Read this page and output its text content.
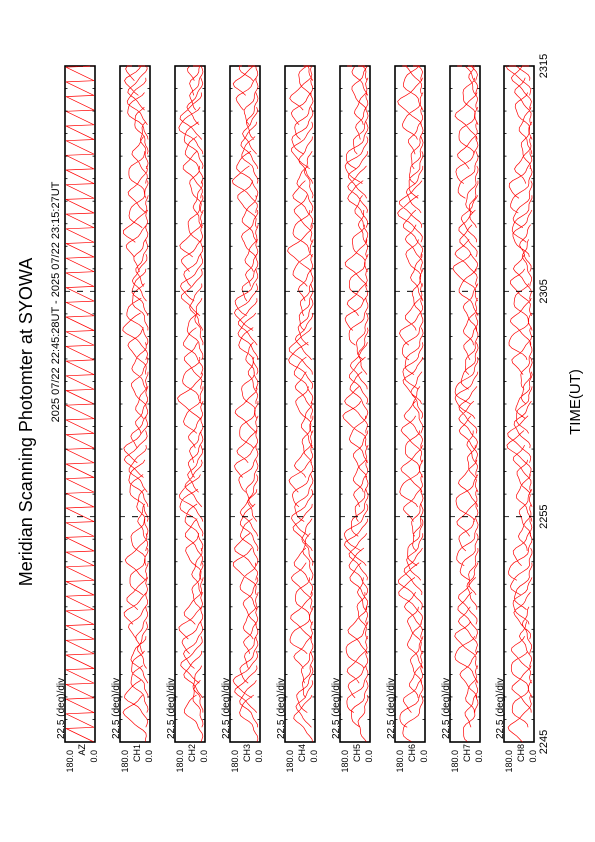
Meridian Scanning Photomter at SYOWA 2025 07/22 22:45:28UT - 2025 07/22 23:15:27UT	TIME(UT)
180.0 0.0
AZ
22.5 (deg)/div
180.0 0.0
CH1
22.5 (deg)/div
180.0 0.0
CH2
22.5 (deg)/div
180.0 0.0
CH3
22.5 (deg)/div
180.0 0.0
CH4
22.5 (deg)/div
180.0 0.0
CH5
22.5 (deg)/div
180.0 0.0
CH6
22.5 (deg)/div
180.0 0.0
CH7
22.5 (deg)/div
180.0 0.0
CH8
22.5 (deg)/div
2245
2255
2305
2315
